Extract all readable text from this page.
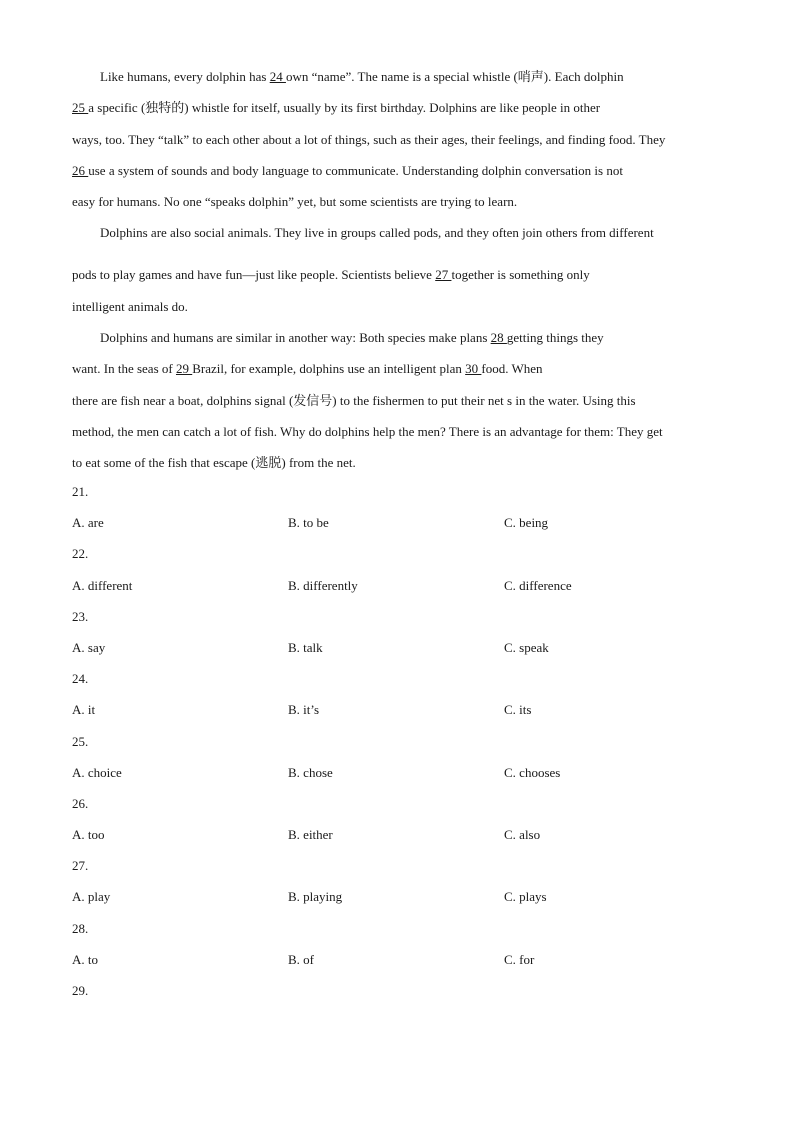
Like humans, every dolphin has 24 own “name”. The name is a special whistle (哨声). Each dolphin
25 a specific (独特的) whistle for itself, usually by its first birthday. Dolphins are like people in other
ways, too. They “talk” to each other about a lot of things, such as their ages, their feelings, and finding food. They
26 use a system of sounds and body language to communicate. Understanding dolphin conversation is not
easy for humans. No one “speaks dolphin” yet, but some scientists are trying to learn.
Dolphins are also social animals. They live in groups called pods, and they often join others from different
pods to play games and have fun—just like people. Scientists believe 27 together is something only
intelligent animals do.
Dolphins and humans are similar in another way: Both species make plans 28 getting things they
want. In the seas of 29 Brazil, for example, dolphins use an intelligent plan 30 food. When
there are fish near a boat, dolphins signal (发信号) to the fishermen to put their net s in the water. Using this
method, the men can catch a lot of fish. Why do dolphins help the men? There is an advantage for them: They get
to eat some of the fish that escape (逃脱) from the net.
21.
A. are	B. to be	C. being
22.
A. different	B. differently	C. difference
23.
A. say	B. talk	C. speak
24.
A. it	B. it’s	C. its
25.
A. choice	B. chose	C. chooses
26.
A. too	B. either	C. also
27.
A. play	B. playing	C. plays
28.
A. to	B. of	C. for
29.
